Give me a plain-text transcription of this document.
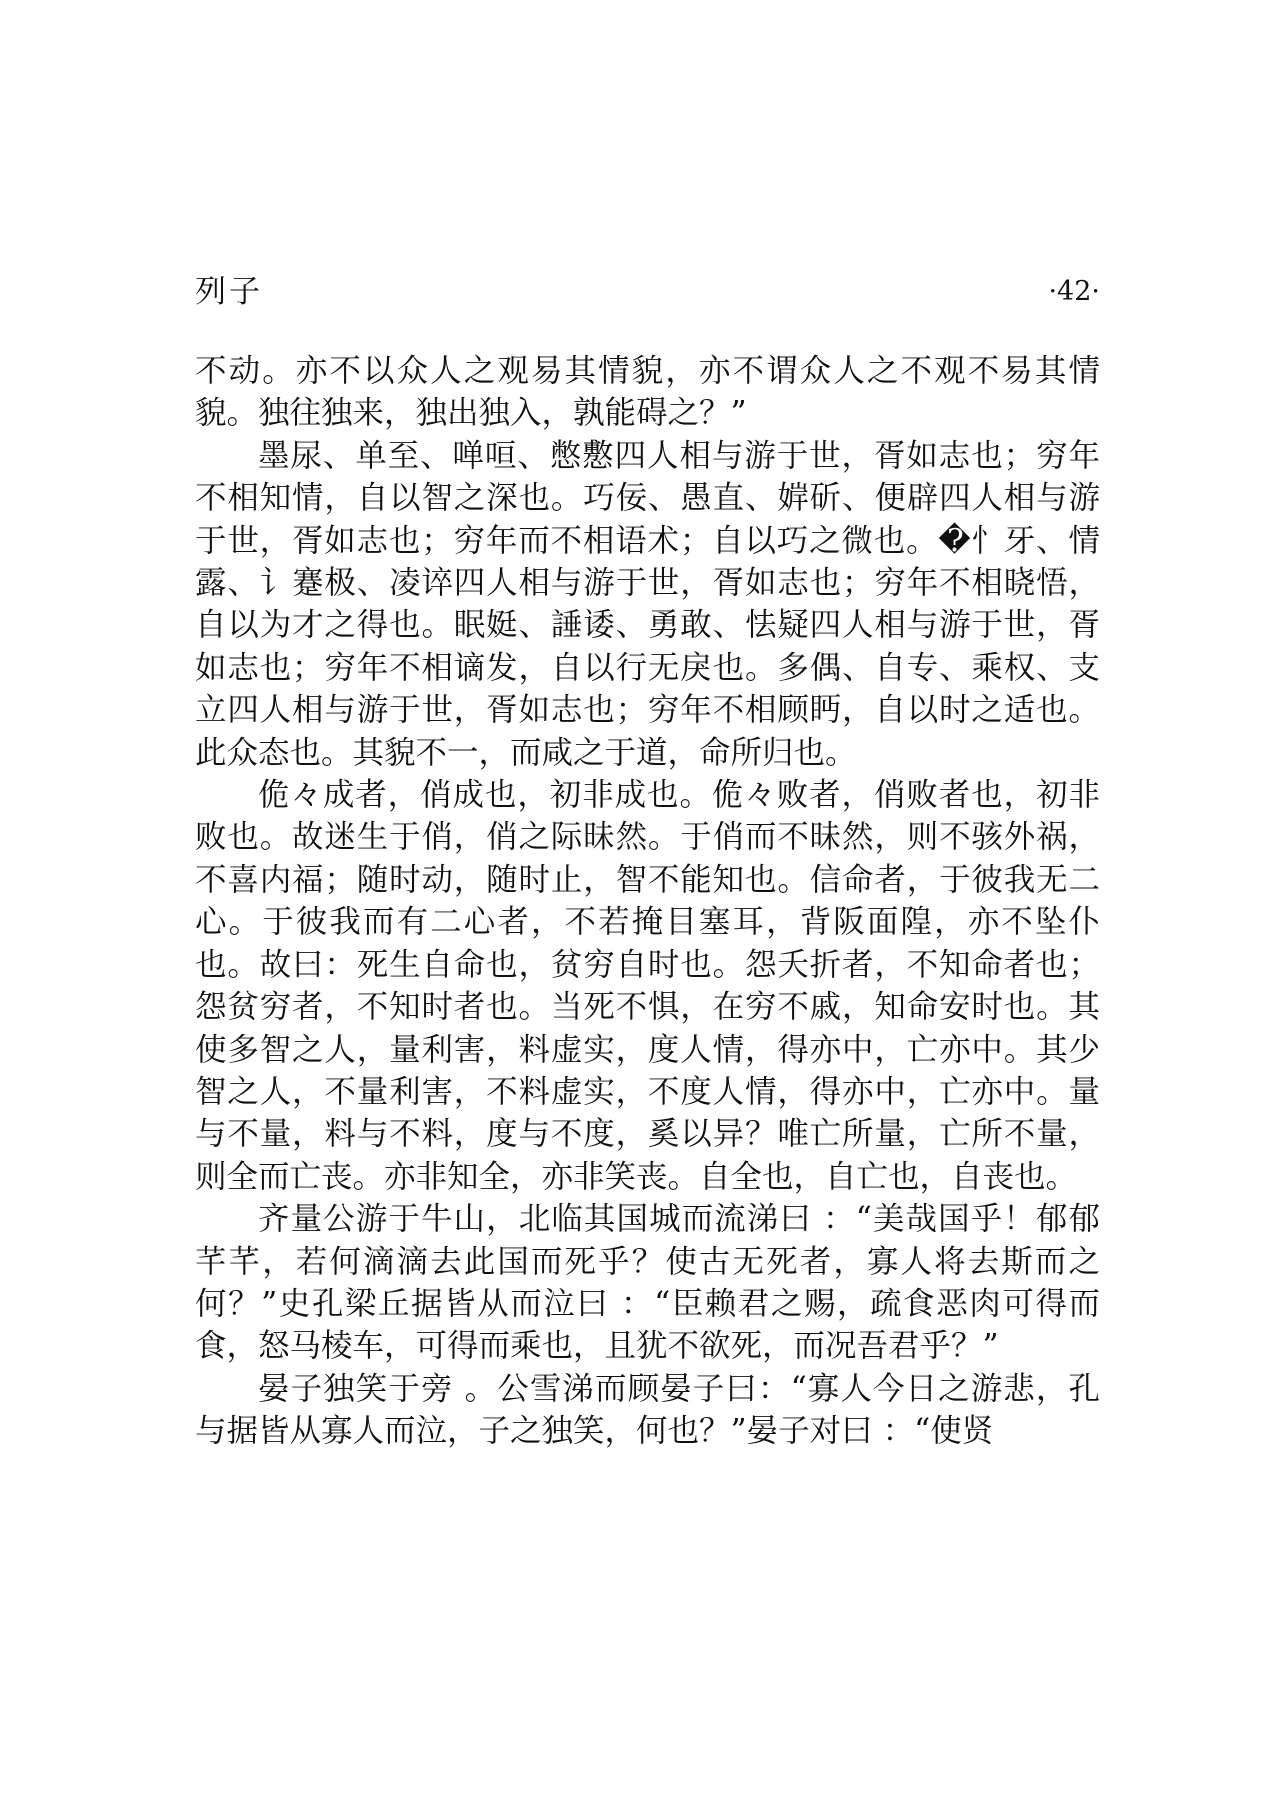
列子	·42·

不动。亦不以众人之观易其情貌，亦不谓众人之不观不易其情貌。独往独来，独出独入，孰能碍之？”

墨尿、单至、啴咺、憋懯四人相与游于世，胥如志也；穷年不相知情，自以智之深也。巧佞、愚直、婩斫、便辟四人相与游于世，胥如志也；穷年而不相语术；自以巧之微也。�忄牙、情露、讠蹇极、凌谇四人相与游于世，胥如志也；穷年不相晓悟，自以为才之得也。眠娗、諈诿、勇敢、怯疑四人相与游于世，胥如志也；穷年不相谪发，自以行无戾也。多偶、自专、乘权、支立四人相与游于世，胥如志也；穷年不相顾眄，自以时之适也。此众态也。其貌不一，而咸之于道，命所归也。

佹々成者，俏成也，初非成也。佹々败者，俏败者也，初非败也。故迷生于俏，俏之际昧然。于俏而不昧然，则不骇外祸，不喜内福；随时动，随时止，智不能知也。信命者，于彼我无二心。于彼我而有二心者，不若掩目塞耳，背阪面隍，亦不坠仆也。故曰：死生自命也，贫穷自时也。怨夭折者，不知命者也；怨贫穷者，不知时者也。当死不惧，在穷不戚，知命安时也。其使多智之人，量利害，料虚实，度人情，得亦中，亡亦中。其少智之人，不量利害，不料虚实，不度人情，得亦中，亡亦中。量与不量，料与不料，度与不度，奚以异？唯亡所量，亡所不量，则全而亡丧。亦非知全，亦非笑丧。自全也，自亡也，自丧也。

齐量公游于牛山，北临其国城而流涕曰 ：“美哉国乎！郁郁芊芊，若何滴滴去此国而死乎？使古无死者，寡人将去斯而之何？”史孔梁丘据皆从而泣曰 ：“臣赖君之赐，疏食恶肉可得而食，怒马棱车，可得而乘也，且犹不欲死，而况吾君乎？”

晏子独笑于旁 。公雪涕而顾晏子曰：“寡人今日之游悲，孔与据皆从寡人而泣，子之独笑，何也？”晏子对曰 ：“使贤
